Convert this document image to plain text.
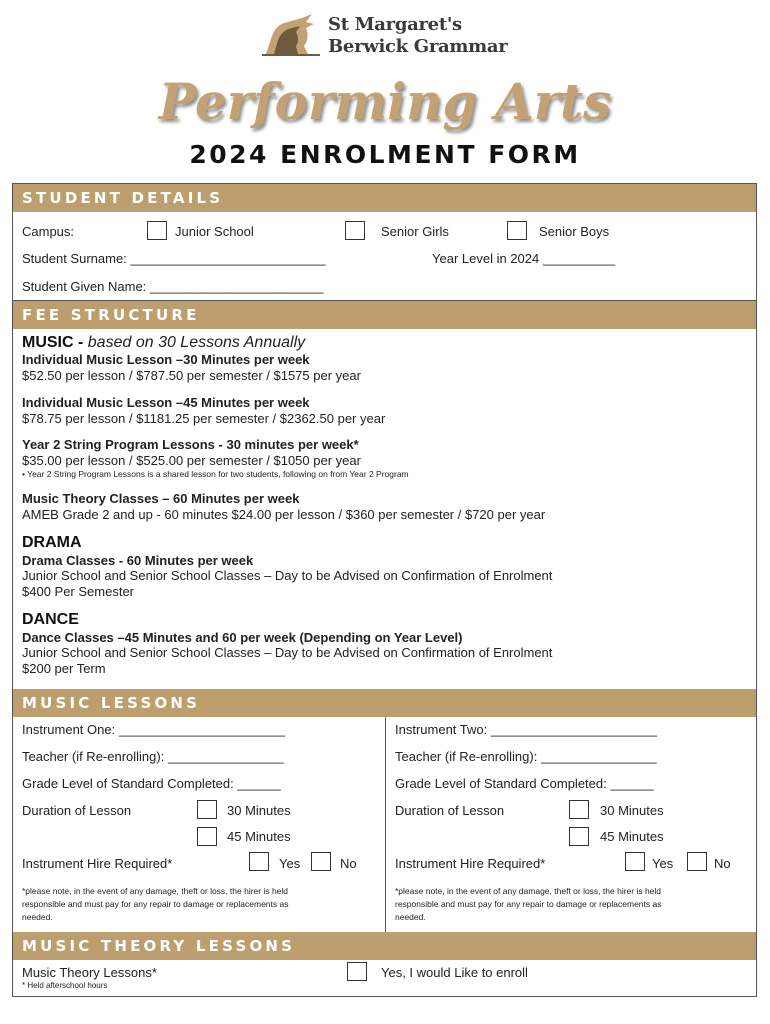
St Margaret's
Berwick Grammar
Performing Arts
2024 ENROLMENT FORM
STUDENT DETAILS
Campus:	Junior School	Senior Girls	Senior Boys
Student Surname: ___________________________	Year Level in 2024 __________
Student Given Name: ________________________
FEE STRUCTURE
MUSIC - based on 30 Lessons Annually
Individual Music Lesson –30 Minutes per week
$52.50 per lesson / $787.50 per semester / $1575 per year
Individual Music Lesson –45 Minutes per week
$78.75 per lesson / $1181.25 per semester / $2362.50 per year
Year 2 String Program Lessons - 30 minutes per week*
$35.00 per lesson / $525.00 per semester / $1050 per year
• Year 2 String Program Lessons is a shared lesson for two students, following on from Year 2 Program
Music Theory Classes – 60 Minutes per week
AMEB Grade 2 and up - 60 minutes $24.00 per lesson / $360 per semester / $720 per year
DRAMA
Drama Classes - 60 Minutes per week
Junior School and Senior School Classes – Day to be Advised on Confirmation of Enrolment
$400 Per Semester
DANCE
Dance Classes –45 Minutes and 60 per week (Depending on Year Level)
Junior School and Senior School Classes – Day to be Advised on Confirmation of Enrolment
$200 per Term
MUSIC LESSONS
Instrument One: _______________________
Teacher (if Re-enrolling): ________________
Grade Level of Standard Completed: ______
Duration of Lesson	30 Minutes
45 Minutes
Instrument Hire Required*	Yes	No
*please note, in the event of any damage, theft or loss, the hirer is held
responsible and must pay for any repair to damage or replacements as
needed.
Instrument Two: _______________________
Teacher (if Re-enrolling): ________________
Grade Level of Standard Completed: ______
Duration of Lesson	30 Minutes
45 Minutes
Instrument Hire Required*	Yes	No
*please note, in the event of any damage, theft or loss, the hirer is held
responsible and must pay for any repair to damage or replacements as
needed.
MUSIC THEORY LESSONS
Music Theory Lessons*
* Held afterschool hours
Yes, I would Like to enroll
